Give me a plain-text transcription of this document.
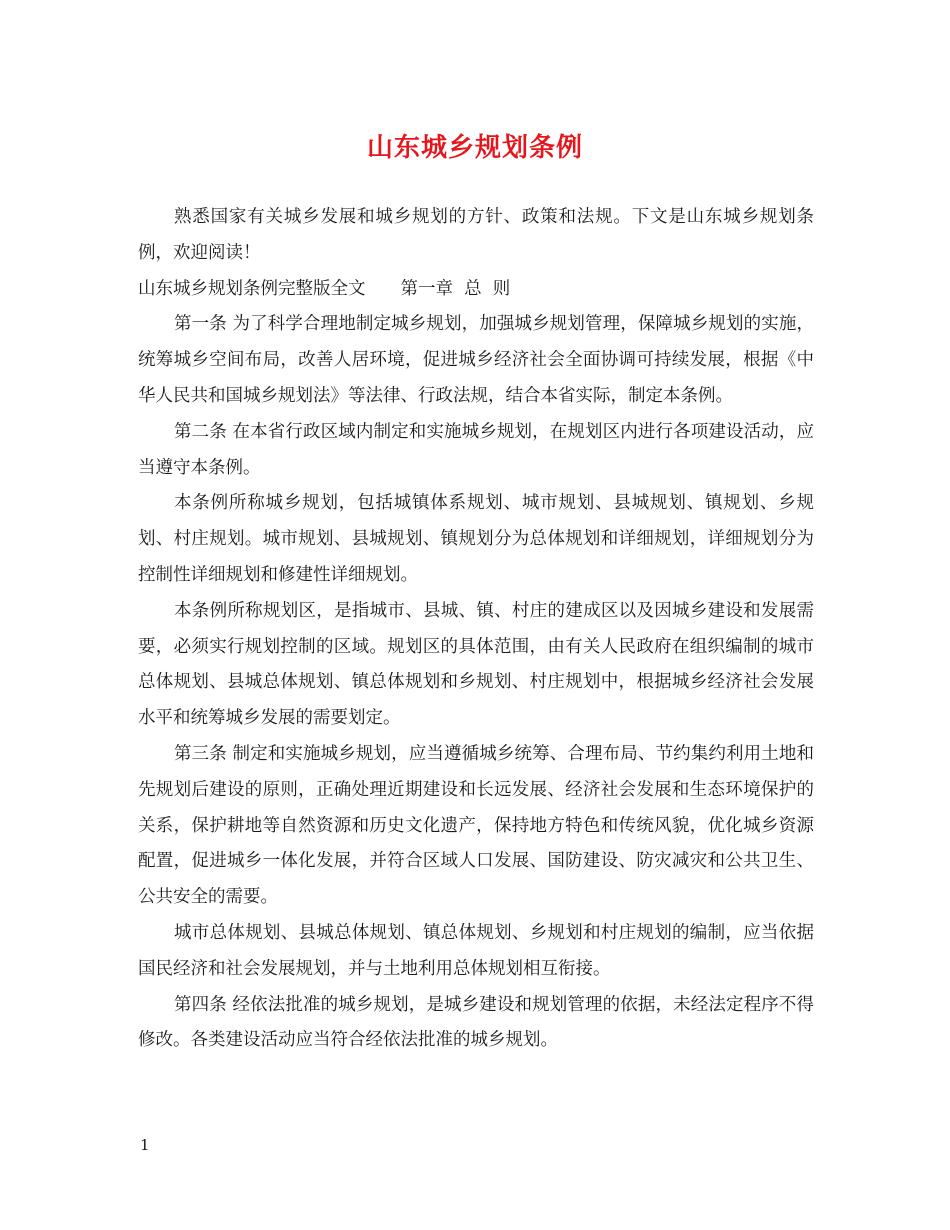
山东城乡规划条例

熟悉国家有关城乡发展和城乡规划的方针、政策和法规。下文是山东城乡规划条例，欢迎阅读！

山东城乡规划条例完整版全文　　第一章  总  则

第一条 为了科学合理地制定城乡规划，加强城乡规划管理，保障城乡规划的实施，统筹城乡空间布局，改善人居环境，促进城乡经济社会全面协调可持续发展，根据《中华人民共和国城乡规划法》等法律、行政法规，结合本省实际，制定本条例。

第二条 在本省行政区域内制定和实施城乡规划，在规划区内进行各项建设活动，应当遵守本条例。

本条例所称城乡规划，包括城镇体系规划、城市规划、县城规划、镇规划、乡规划、村庄规划。城市规划、县城规划、镇规划分为总体规划和详细规划，详细规划分为控制性详细规划和修建性详细规划。

本条例所称规划区，是指城市、县城、镇、村庄的建成区以及因城乡建设和发展需要，必须实行规划控制的区域。规划区的具体范围，由有关人民政府在组织编制的城市总体规划、县城总体规划、镇总体规划和乡规划、村庄规划中，根据城乡经济社会发展水平和统筹城乡发展的需要划定。

第三条 制定和实施城乡规划，应当遵循城乡统筹、合理布局、节约集约利用土地和先规划后建设的原则，正确处理近期建设和长远发展、经济社会发展和生态环境保护的关系，保护耕地等自然资源和历史文化遗产，保持地方特色和传统风貌，优化城乡资源配置，促进城乡一体化发展，并符合区域人口发展、国防建设、防灾减灾和公共卫生、公共安全的需要。

城市总体规划、县城总体规划、镇总体规划、乡规划和村庄规划的编制，应当依据国民经济和社会发展规划，并与土地利用总体规划相互衔接。

第四条 经依法批准的城乡规划，是城乡建设和规划管理的依据，未经法定程序不得修改。各类建设活动应当符合经依法批准的城乡规划。

1
